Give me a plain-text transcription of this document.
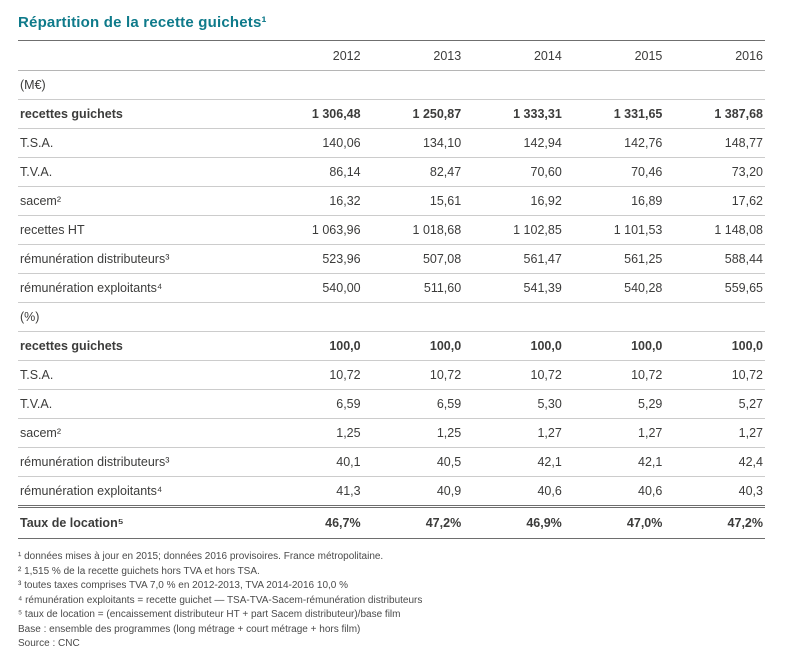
Répartition de la recette guichets¹
	2012	2013	2014	2015	2016
(M€)					
recettes guichets	1 306,48	1 250,87	1 333,31	1 331,65	1 387,68
T.S.A.	140,06	134,10	142,94	142,76	148,77
T.V.A.	86,14	82,47	70,60	70,46	73,20
sacem²	16,32	15,61	16,92	16,89	17,62
recettes HT	1 063,96	1 018,68	1 102,85	1 101,53	1 148,08
rémunération distributeurs³	523,96	507,08	561,47	561,25	588,44
rémunération exploitants⁴	540,00	511,60	541,39	540,28	559,65
(%)					
recettes guichets	100,0	100,0	100,0	100,0	100,0
T.S.A.	10,72	10,72	10,72	10,72	10,72
T.V.A.	6,59	6,59	5,30	5,29	5,27
sacem²	1,25	1,25	1,27	1,27	1,27
rémunération distributeurs³	40,1	40,5	42,1	42,1	42,4
rémunération exploitants⁴	41,3	40,9	40,6	40,6	40,3
Taux de location⁵	46,7%	47,2%	46,9%	47,0%	47,2%
¹ données mises à jour en 2015; données 2016 provisoires. France métropolitaine.
² 1,515 % de la recette guichets hors TVA et hors TSA.
³ toutes taxes comprises TVA 7,0 % en 2012-2013, TVA 2014-2016 10,0 %
⁴ rémunération exploitants = recette guichet — TSA-TVA-Sacem-rémunération distributeurs
⁵ taux de location = (encaissement distributeur HT + part Sacem distributeur)/base film
Base : ensemble des programmes (long métrage + court métrage + hors film)
Source : CNC
